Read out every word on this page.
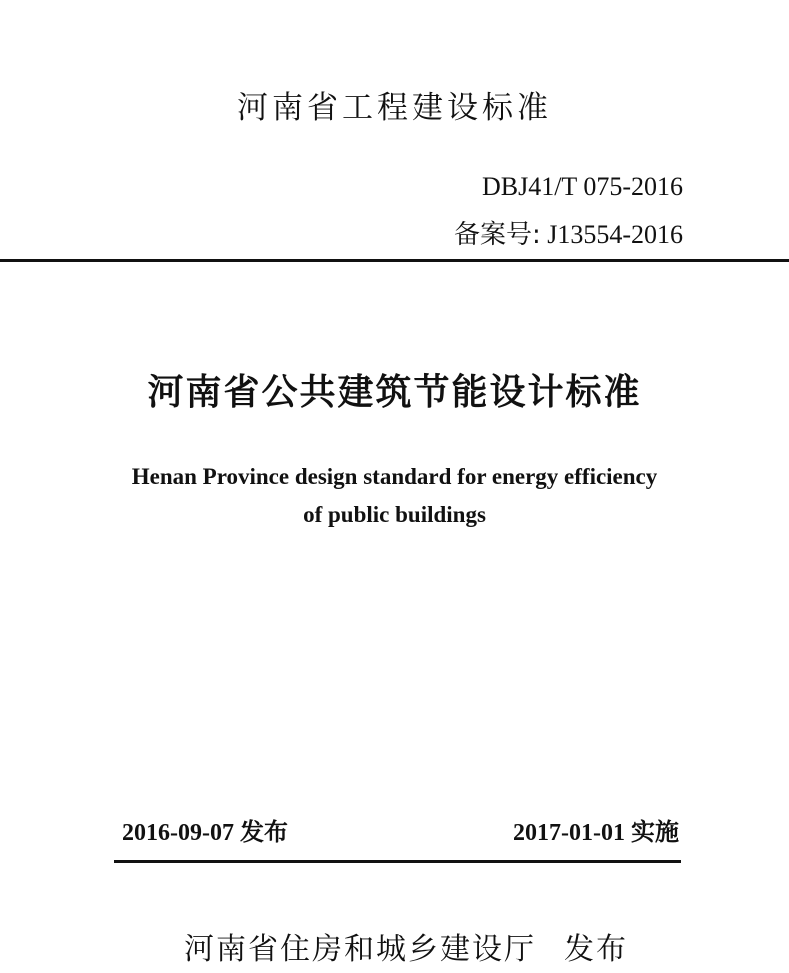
河南省工程建设标准
DBJ41/T 075-2016
备案号: J13554-2016
河南省公共建筑节能设计标准
Henan Province design standard for energy efficiency
of public buildings
2016-09-07 发布	2017-01-01 实施

河南省住房和城乡建设厅 发布
